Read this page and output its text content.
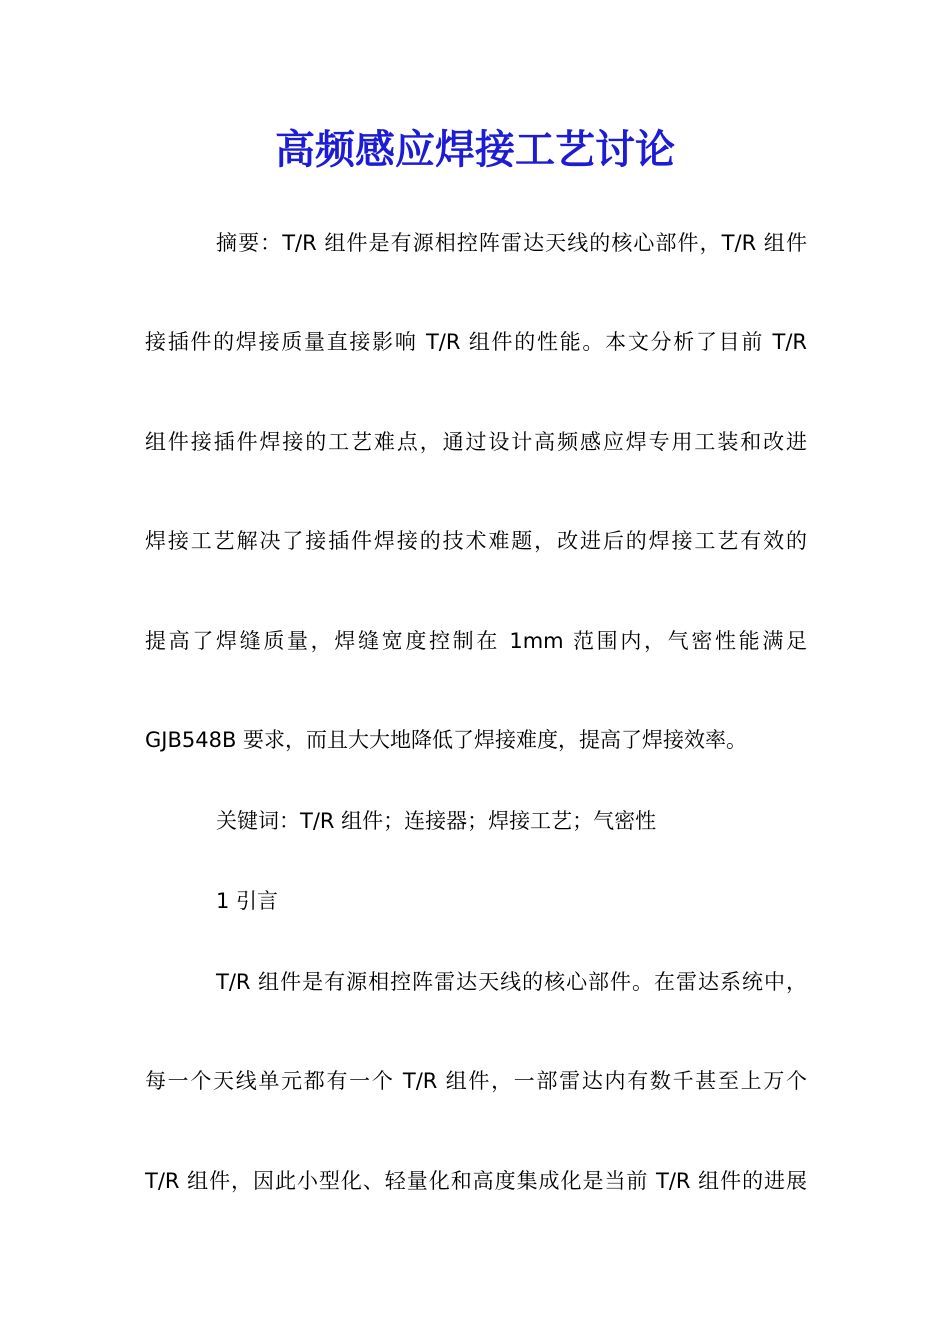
高频感应焊接工艺讨论
摘要：T/R 组件是有源相控阵雷达天线的核心部件，T/R 组件
接插件的焊接质量直接影响 T/R 组件的性能。本文分析了目前 T/R
组件接插件焊接的工艺难点，通过设计高频感应焊专用工装和改进
焊接工艺解决了接插件焊接的技术难题，改进后的焊接工艺有效的
提高了焊缝质量，焊缝宽度控制在 1mm 范围内，气密性能满足
GJB548B 要求，而且大大地降低了焊接难度，提高了焊接效率。
关键词：T/R 组件；连接器；焊接工艺；气密性
1 引言
T/R 组件是有源相控阵雷达天线的核心部件。在雷达系统中，
每一个天线单元都有一个 T/R 组件，一部雷达内有数千甚至上万个
T/R 组件，因此小型化、轻量化和高度集成化是当前 T/R 组件的进展
